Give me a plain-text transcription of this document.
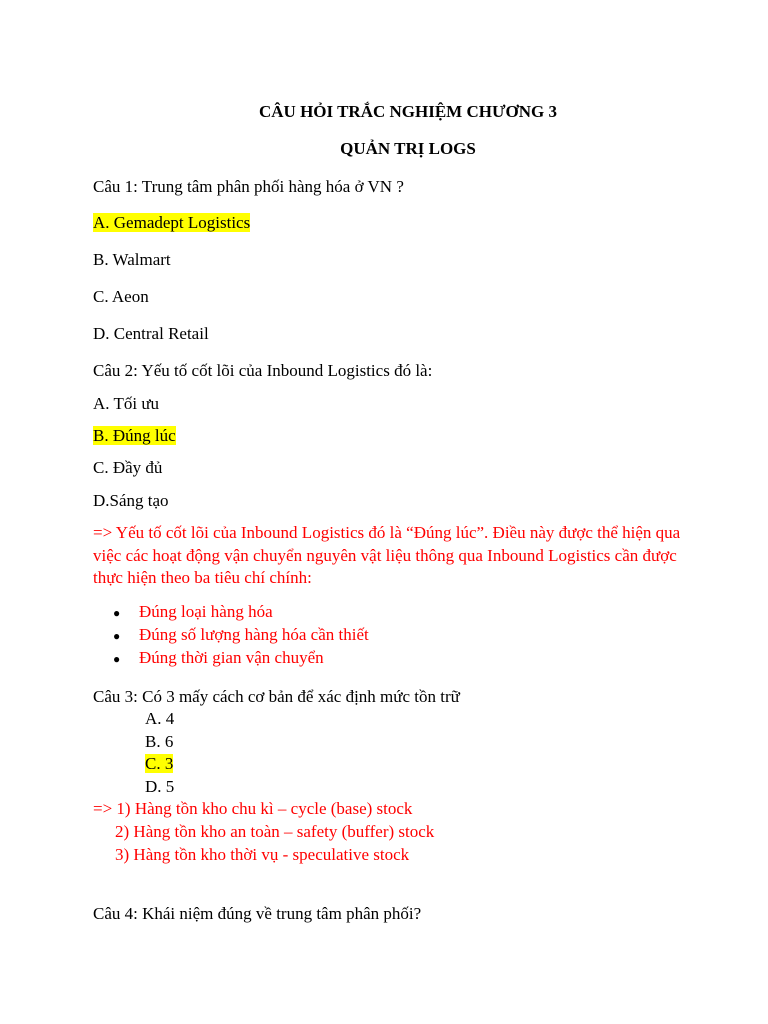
CÂU HỎI TRẮC NGHIỆM CHƯƠNG 3
QUẢN TRỊ LOGS
Câu 1: Trung tâm phân phối hàng hóa ở VN ?
A. Gemadept Logistics
B. Walmart
C. Aeon
D. Central Retail
Câu 2: Yếu tố cốt lõi của Inbound Logistics đó là:
A. Tối ưu
B. Đúng lúc
C. Đầy đủ
D.Sáng tạo
=> Yếu tố cốt lõi của Inbound Logistics đó là “Đúng lúc”. Điều này được thể hiện qua
việc các hoạt động vận chuyển nguyên vật liệu thông qua Inbound Logistics cần được
thực hiện theo ba tiêu chí chính:
● Đúng loại hàng hóa
● Đúng số lượng hàng hóa cần thiết
● Đúng thời gian vận chuyển
Câu 3: Có 3 mấy cách cơ bản để xác định mức tồn trữ
A. 4
B. 6
C. 3
D. 5
=> 1) Hàng tồn kho chu kì – cycle (base) stock
2) Hàng tồn kho an toàn – safety (buffer) stock
3) Hàng tồn kho thời vụ - speculative stock
Câu 4: Khái niệm đúng về trung tâm phân phối?
